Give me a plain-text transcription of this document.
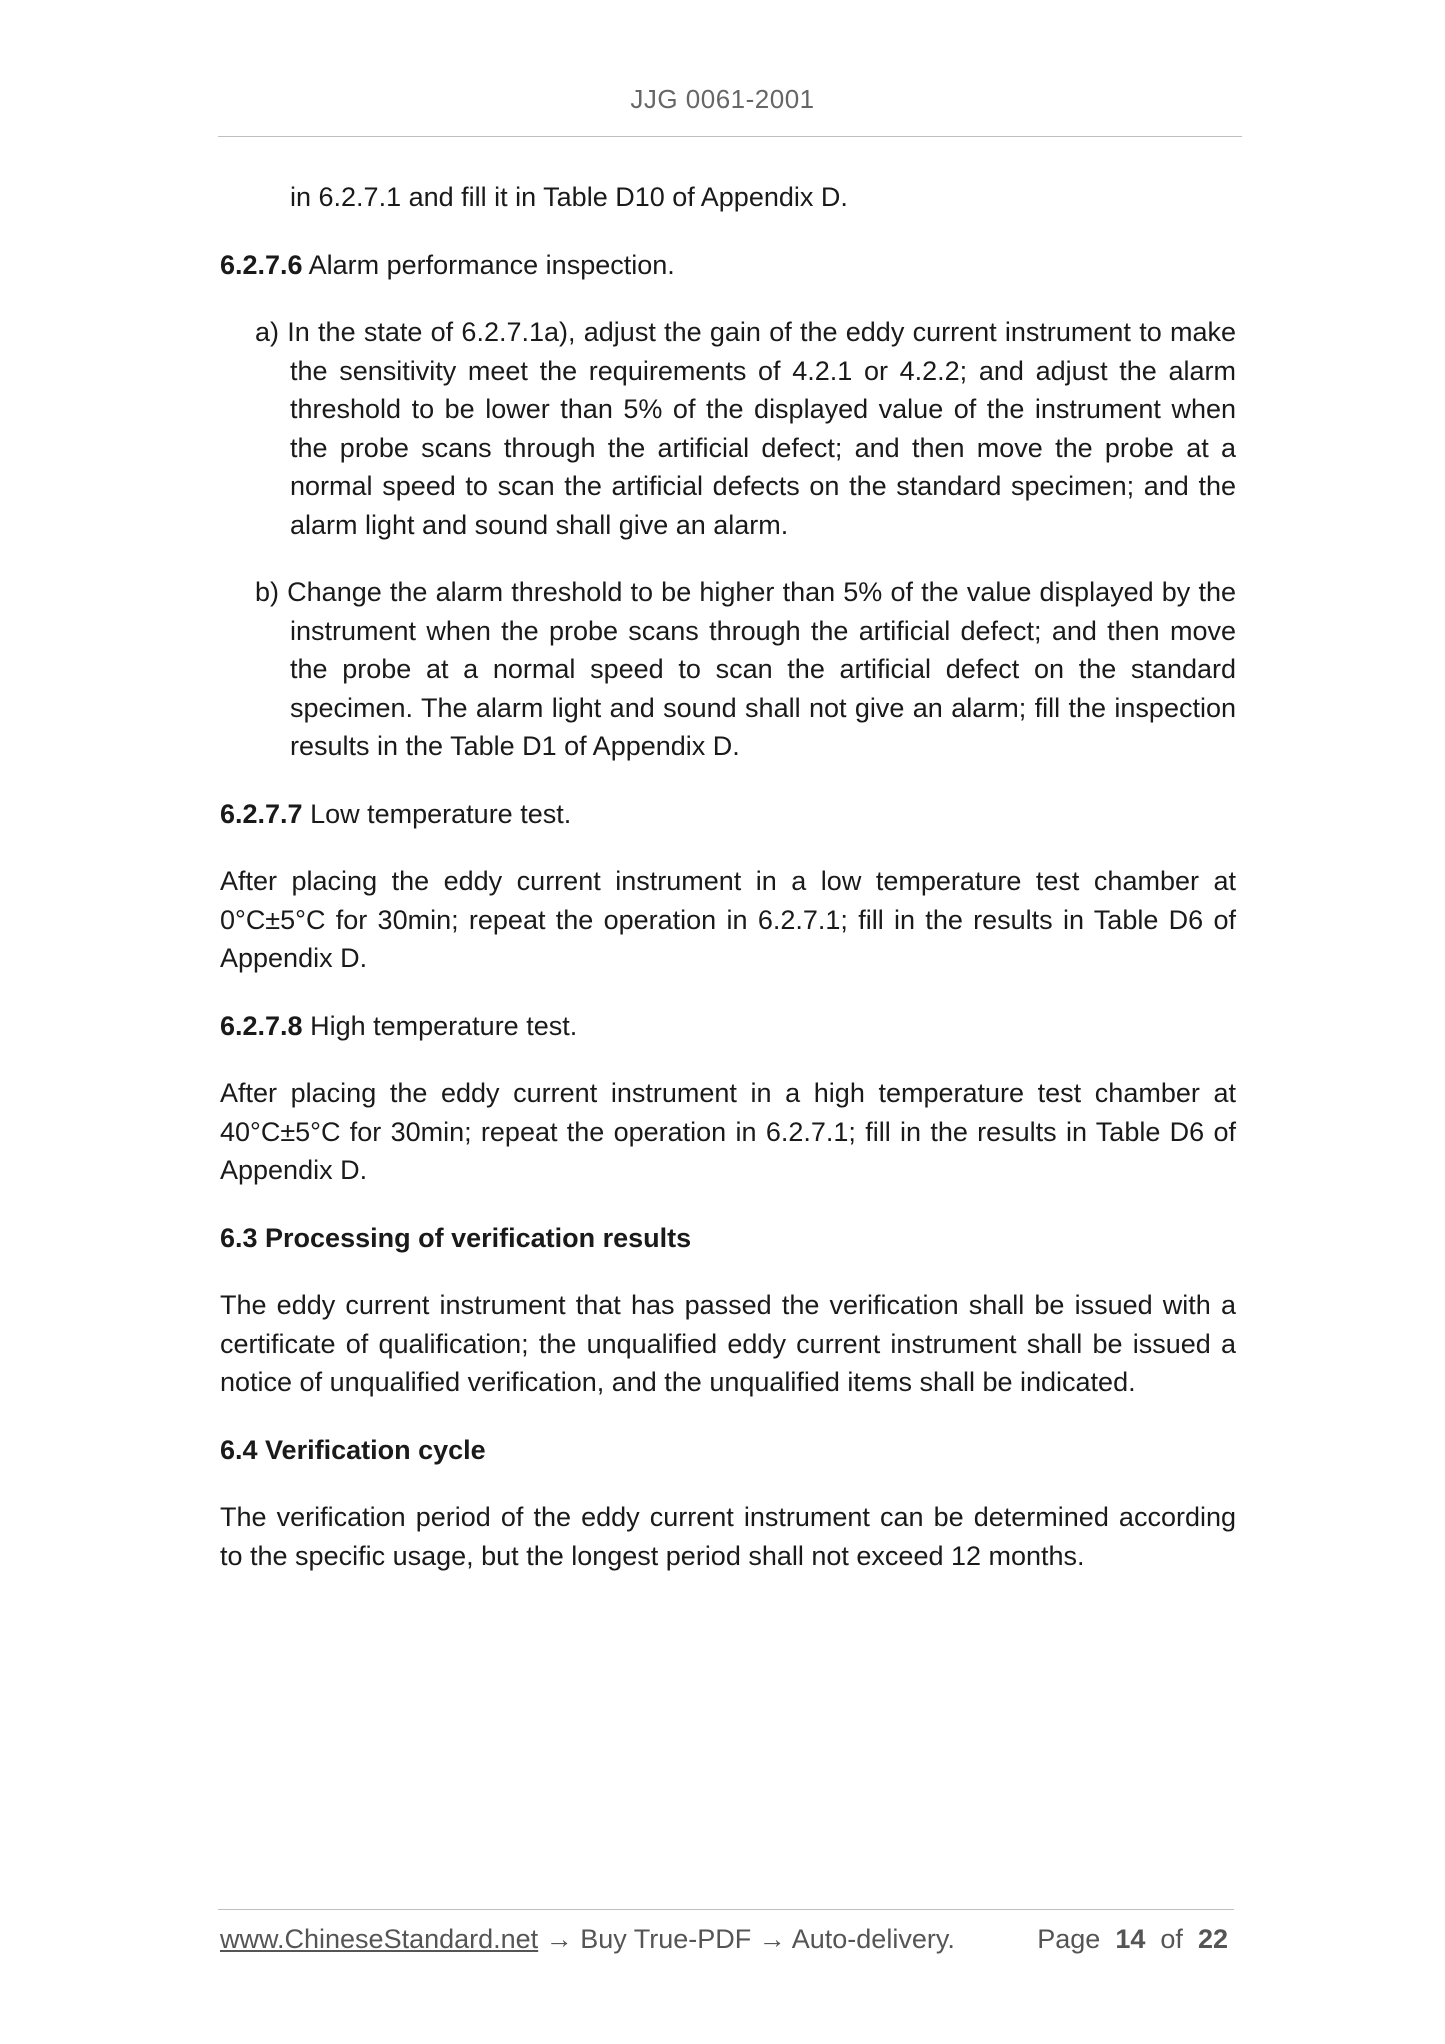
JJG 0061-2001

in 6.2.7.1 and fill it in Table D10 of Appendix D.

6.2.7.6 Alarm performance inspection.

a) In the state of 6.2.7.1a), adjust the gain of the eddy current instrument to make the sensitivity meet the requirements of 4.2.1 or 4.2.2; and adjust the alarm threshold to be lower than 5% of the displayed value of the instrument when the probe scans through the artificial defect; and then move the probe at a normal speed to scan the artificial defects on the standard specimen; and the alarm light and sound shall give an alarm.

b) Change the alarm threshold to be higher than 5% of the value displayed by the instrument when the probe scans through the artificial defect; and then move the probe at a normal speed to scan the artificial defect on the standard specimen. The alarm light and sound shall not give an alarm; fill the inspection results in the Table D1 of Appendix D.

6.2.7.7 Low temperature test.

After placing the eddy current instrument in a low temperature test chamber at 0°C±5°C for 30min; repeat the operation in 6.2.7.1; fill in the results in Table D6 of Appendix D.

6.2.7.8 High temperature test.

After placing the eddy current instrument in a high temperature test chamber at 40°C±5°C for 30min; repeat the operation in 6.2.7.1; fill in the results in Table D6 of Appendix D.

6.3 Processing of verification results

The eddy current instrument that has passed the verification shall be issued with a certificate of qualification; the unqualified eddy current instrument shall be issued a notice of unqualified verification, and the unqualified items shall be indicated.

6.4 Verification cycle

The verification period of the eddy current instrument can be determined according to the specific usage, but the longest period shall not exceed 12 months.

www.ChineseStandard.net → Buy True-PDF → Auto-delivery.	Page 14 of 22
